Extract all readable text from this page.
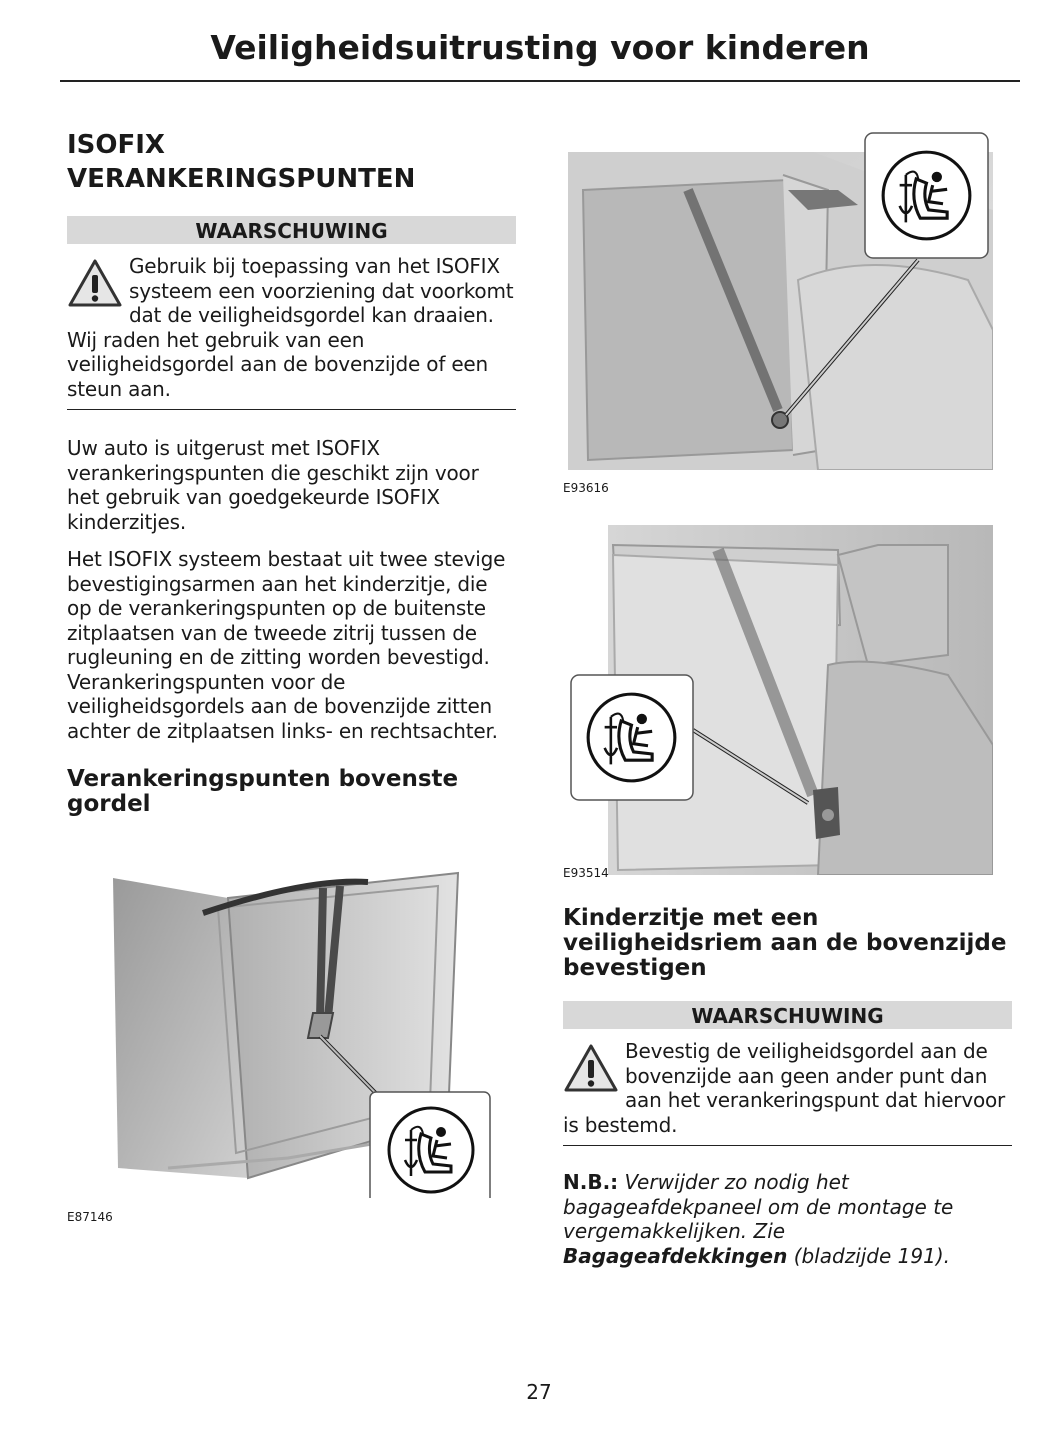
Veiligheidsuitrusting voor kinderen
ISOFIX
VERANKERINGSPUNTEN
WAARSCHUWING

Gebruik bij toepassing van het ISOFIX systeem een voorziening dat voorkomt dat de veiligheidsgordel kan draaien. Wij raden het gebruik van een veiligheidsgordel aan de bovenzijde of een steun aan.

Uw auto is uitgerust met ISOFIX verankeringspunten die geschikt zijn voor het gebruik van goedgekeurde ISOFIX kinderzitjes.

Het ISOFIX systeem bestaat uit twee stevige bevestigingsarmen aan het kinderzitje, die op de verankeringspunten op de buitenste zitplaatsen van de tweede zitrij tussen de rugleuning en de zitting worden bevestigd. Verankeringspunten voor de veiligheidsgordels aan de bovenzijde zitten achter de zitplaatsen links- en rechtsachter.

Verankeringspunten bovenste gordel
E87146
E93616
E93514
Kinderzitje met een veiligheidsriem aan de bovenzijde bevestigen
WAARSCHUWING

Bevestig de veiligheidsgordel aan de bovenzijde aan geen ander punt dan aan het verankeringspunt dat hiervoor is bestemd.

N.B.: Verwijder zo nodig het bagageafdekpaneel om de montage te vergemakkelijken. Zie Bagageafdekkingen (bladzijde 191).

27
